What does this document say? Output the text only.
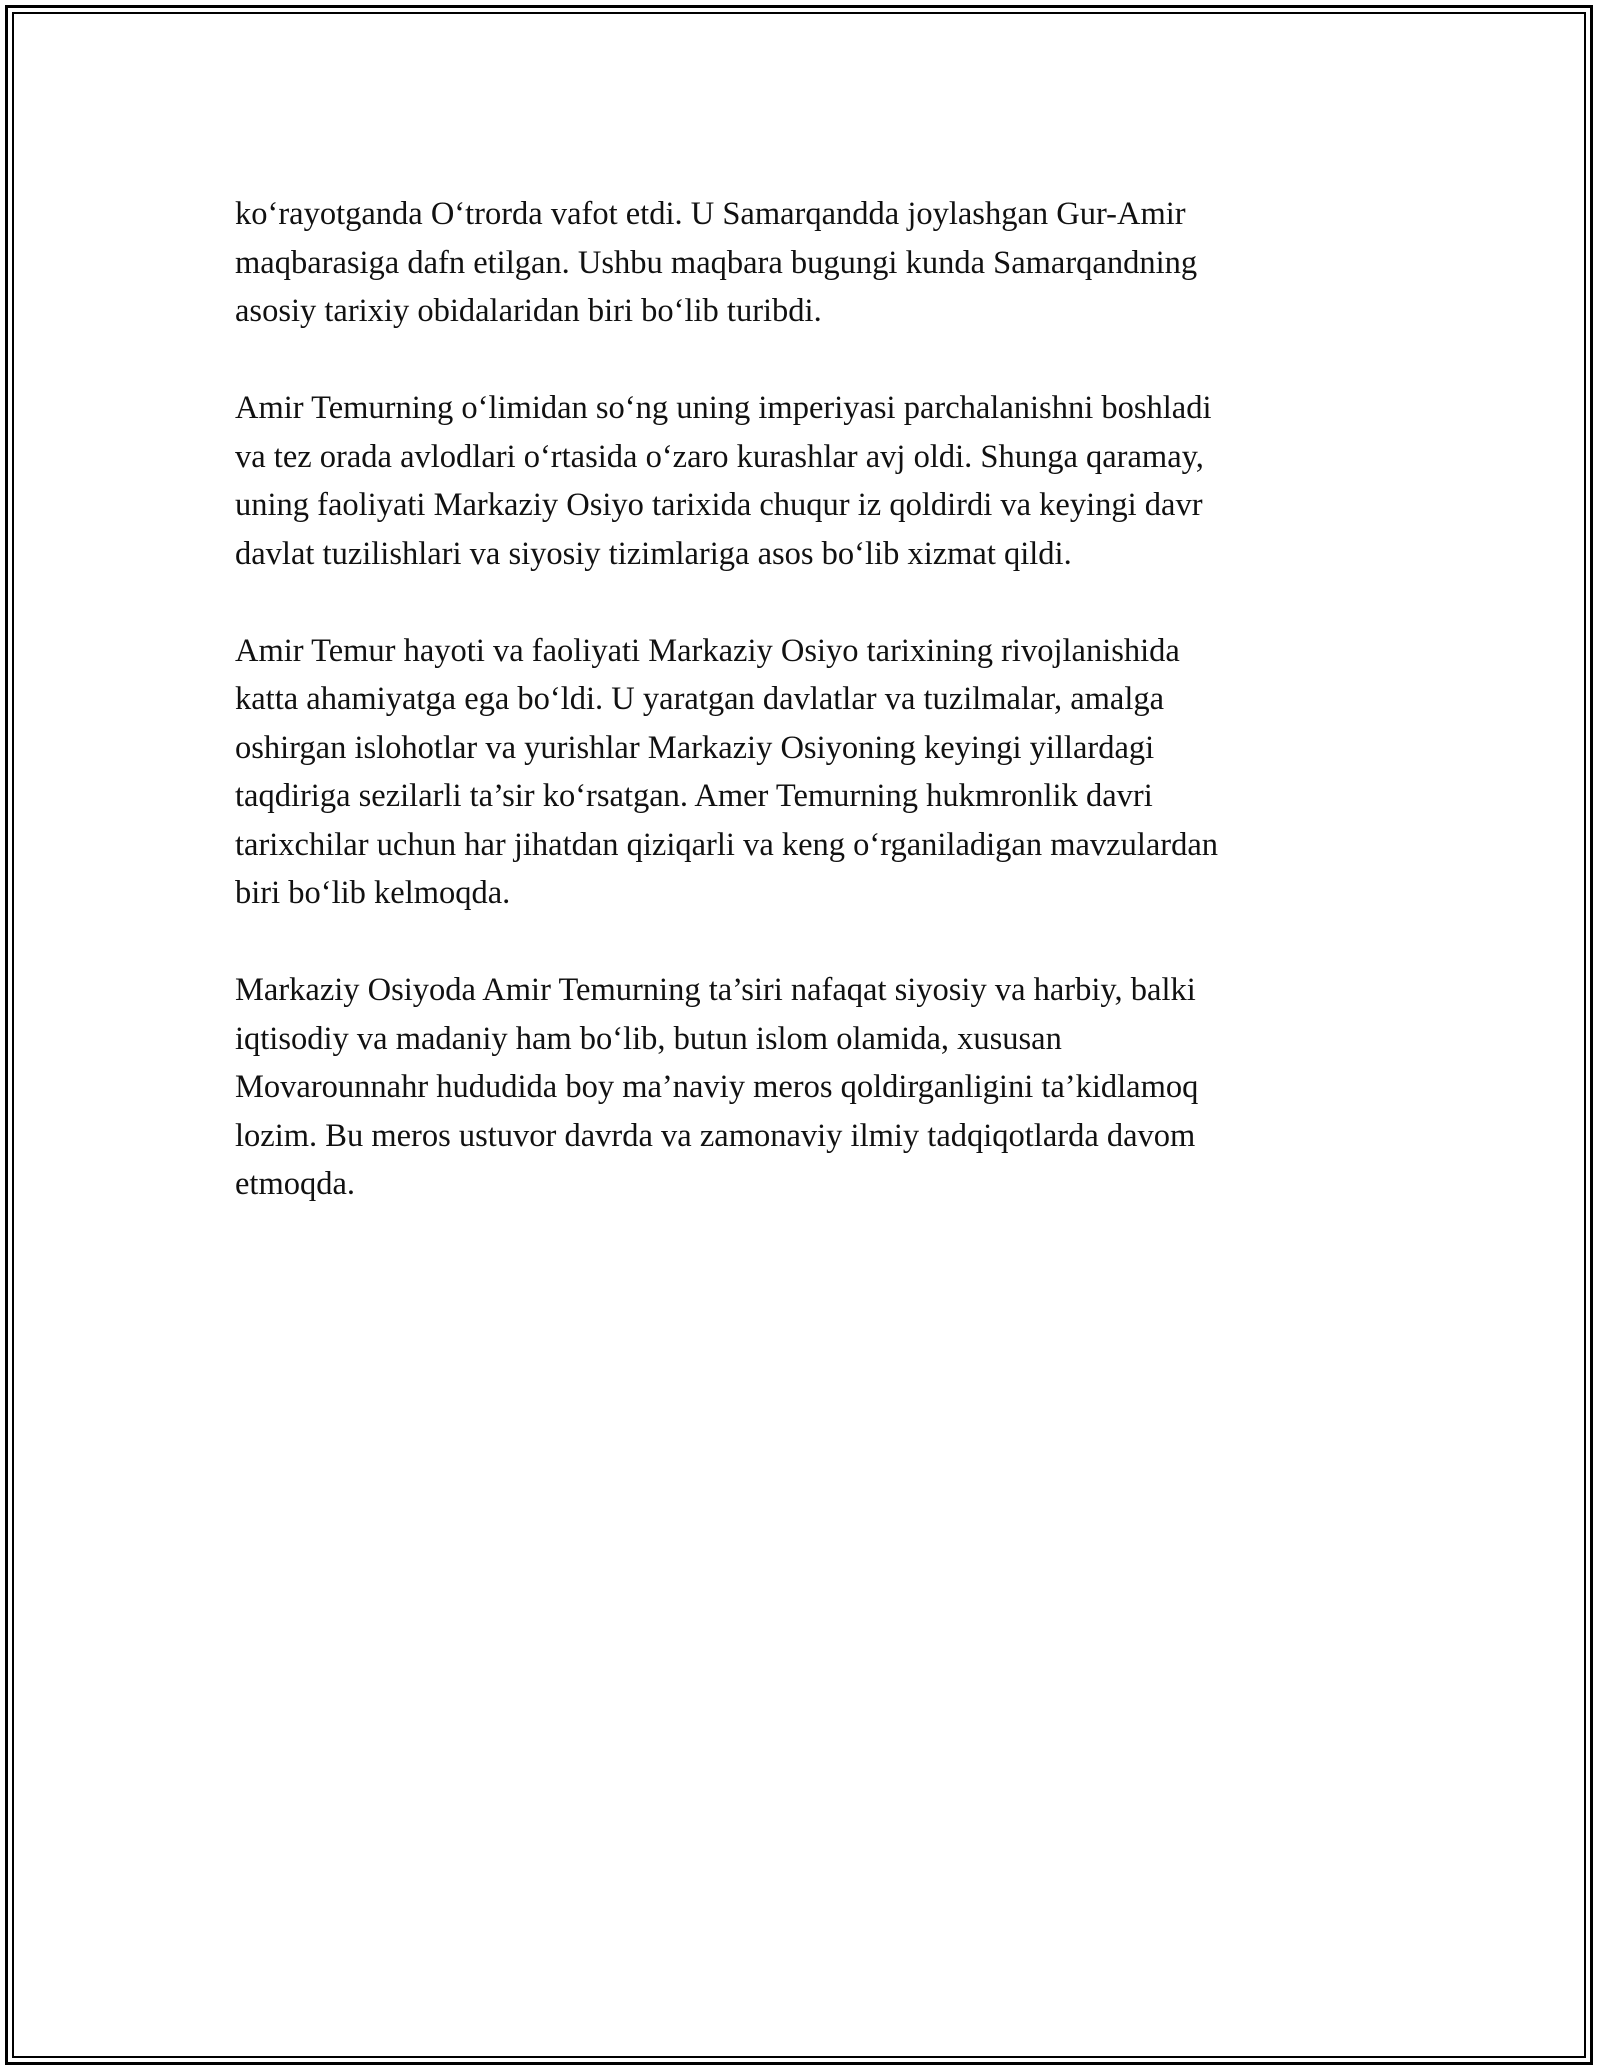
ko‘rayotganda O‘trorda vafot etdi. U Samarqandda joylashgan Gur-Amir
maqbarasiga dafn etilgan. Ushbu maqbara bugungi kunda Samarqandning
asosiy tarixiy obidalaridan biri bo‘lib turibdi.

Amir Temurning o‘limidan so‘ng uning imperiyasi parchalanishni boshladi
va tez orada avlodlari o‘rtasida o‘zaro kurashlar avj oldi. Shunga qaramay,
uning faoliyati Markaziy Osiyo tarixida chuqur iz qoldirdi va keyingi davr
davlat tuzilishlari va siyosiy tizimlariga asos bo‘lib xizmat qildi.

Amir Temur hayoti va faoliyati Markaziy Osiyo tarixining rivojlanishida
katta ahamiyatga ega bo‘ldi. U yaratgan davlatlar va tuzilmalar, amalga
oshirgan islohotlar va yurishlar Markaziy Osiyoning keyingi yillardagi
taqdiriga sezilarli ta’sir ko‘rsatgan. Amer Temurning hukmronlik davri
tarixchilar uchun har jihatdan qiziqarli va keng o‘rganiladigan mavzulardan
biri bo‘lib kelmoqda.

Markaziy Osiyoda Amir Temurning ta’siri nafaqat siyosiy va harbiy, balki
iqtisodiy va madaniy ham bo‘lib, butun islom olamida, xususan
Movarounnahr hududida boy ma’naviy meros qoldirganligini ta’kidlamoq
lozim. Bu meros ustuvor davrda va zamonaviy ilmiy tadqiqotlarda davom
etmoqda.
